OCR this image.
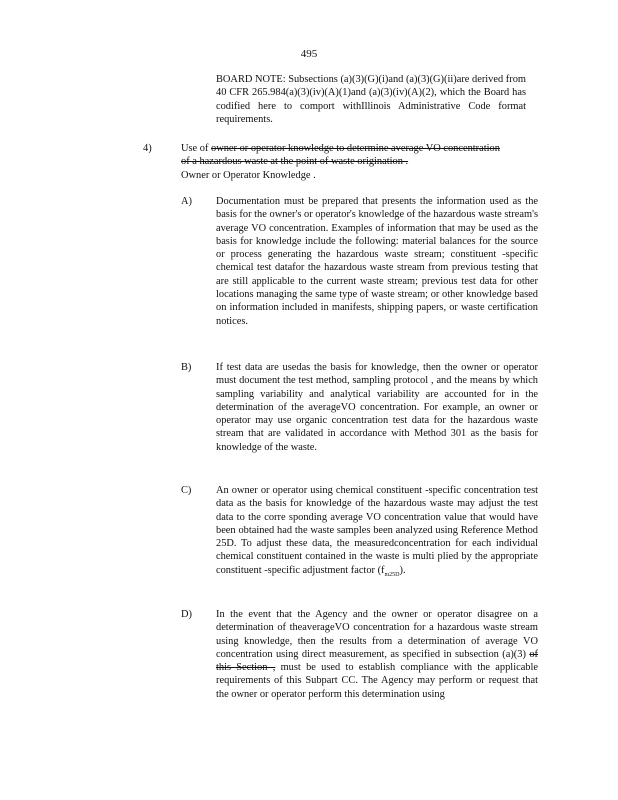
495

BOARD NOTE: Subsections (a)(3)(G)(i)and (a)(3)(G)(ii)are derived from 40 CFR 265.984(a)(3)(iv)(A)(1)and (a)(3)(iv)(A)(2), which the Board has codified here to comport withIllinois Administrative Code format requirements.

4)	Use of owner or operator knowledge to determine average VO concentration of a hazardous waste at the point of waste origination .
Owner or Operator Knowledge .

A) Documentation must be prepared that presents the information used as the basis for the owner's or operator's knowledge of the hazardous waste stream's average VO concentration. Examples of information that may be used as the basis for knowledge include the following: material balances for the source or process generating the hazardous waste stream; constituent -specific chemical test datafor the hazardous waste stream from previous testing that are still applicable to the current waste stream; previous test data for other locations managing the same type of waste stream; or other knowledge based on information included in manifests, shipping papers, or waste certification notices.

B) If test data are usedas the basis for knowledge, then the owner or operator must document the test method, sampling protocol , and the means by which sampling variability and analytical variability are accounted for in the determination of the averageVO concentration. For example, an owner or operator may use organic concentration test data for the hazardous waste stream that are validated in accordance with Method 301 as the basis for knowledge of the waste.

C) An owner or operator using chemical constituent -specific concentration test data as the basis for knowledge of the hazardous waste may adjust the test data to the corre sponding average VO concentration value that would have been obtained had the waste samples been analyzed using Reference Method 25D. To adjust these data, the measuredconcentration for each individual chemical constituent contained in the waste is multi plied by the appropriate constituent -specific adjustment factor $(f_{m25D})$.

D) In the event that the Agency and the owner or operator disagree on a determination of theaverageVO concentration for a hazardous waste stream using knowledge, then the results from a determination of average VO concentration using direct measurement, as specified in subsection (a)(3) of this Section , must be used to establish compliance with the applicable requirements of this Subpart CC. The Agency may perform or request that the owner or operator perform this determination using
